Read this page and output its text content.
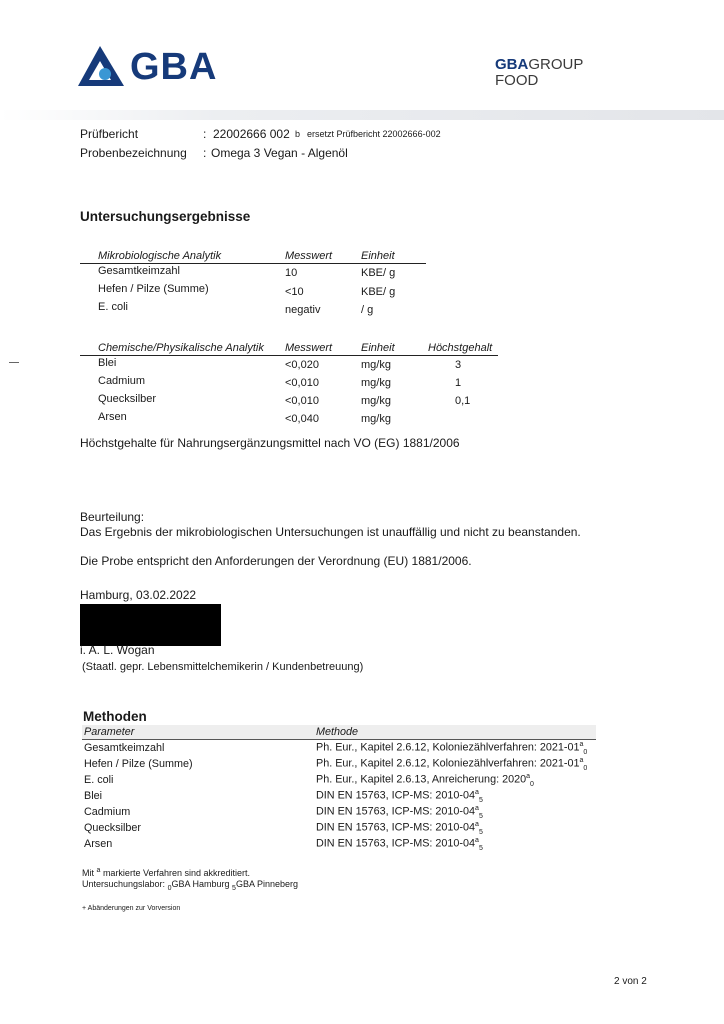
GBA	GBAGROUP
FOOD
Prüfbericht	: 22002666 002 b ersetzt Prüfbericht 22002666-002
Probenbezeichnung : Omega 3 Vegan - Algenöl
Untersuchungsergebnisse
Mikrobiologische Analytik	Messwert	Einheit
Gesamtkeimzahl	10	KBE/ g
Hefen / Pilze (Summe)	<10	KBE/ g
E. coli	negativ	/ g
Chemische/Physikalische Analytik Messwert	Einheit	Höchstgehalt
Blei	<0,020	mg/kg	3
Cadmium	<0,010	mg/kg	1
Quecksilber	<0,010	mg/kg	0,1
Arsen	<0,040	mg/kg
Höchstgehalte für Nahrungsergänzungsmittel nach VO (EG) 1881/2006
Beurteilung:
Das Ergebnis der mikrobiologischen Untersuchungen ist unauffällig und nicht zu beanstanden.
Die Probe entspricht den Anforderungen der Verordnung (EU) 1881/2006.
Hamburg, 03.02.2022
i. A. L. Wogan
(Staatl. gepr. Lebensmittelchemikerin / Kundenbetreuung)
Methoden
Parameter	Methode
Gesamtkeimzahl	Ph. Eur., Kapitel 2.6.12, Koloniezählverfahren: $2021-01^a_0$
Hefen / Pilze (Summe)	Ph. Eur., Kapitel 2.6.12, Koloniezählverfahren: $2021-01^a_0$
E. coli	Ph. Eur., Kapitel 2.6.13, Anreicherung: $2020^a_0$
Blei	DIN EN 15763, ICP-MS: $2010-04^a_5$
Cadmium	DIN EN 15763, ICP-MS: $2010-04^a_5$
Quecksilber	DIN EN 15763, ICP-MS: $2010-04^a_5$
Arsen	DIN EN 15763, ICP-MS: $2010-04^a_5$
Mit $^a$ markierte Verfahren sind akkreditiert.
Untersuchungslabor: $_0$GBA Hamburg $_5$GBA Pinneberg
+ Abänderungen zur Vorversion
2 von 2
